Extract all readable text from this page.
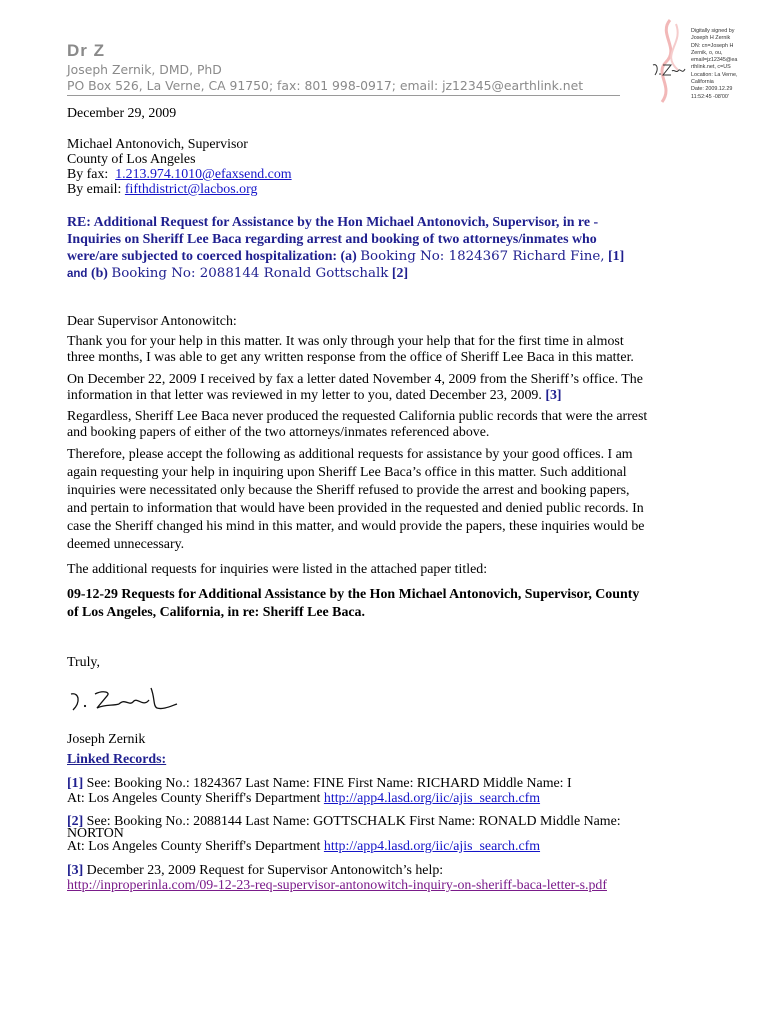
Dr Z
Joseph Zernik, DMD, PhD
PO Box 526, La Verne, CA 91750; fax: 801 998-0917; email: jz12345@earthlink.net
Digitally signed by
Joseph H Zernik
DN: cn=Joseph H
Zernik, o, ou,
email=jz12345@ea
rthlink.net, c=US
Location: La Verne,
California
Date: 2009.12.29
11:52:45 -08'00'
December 29, 2009
Michael Antonovich, Supervisor
County of Los Angeles
By fax: 1.213.974.1010@efaxsend.com
By email: fifthdistrict@lacbos.org
RE: Additional Request for Assistance by the Hon Michael Antonovich, Supervisor, in re -
Inquiries on Sheriff Lee Baca regarding arrest and booking of two attorneys/inmates who
were/are subjected to coerced hospitalization: (a) Booking No: 1824367 Richard Fine, [1]
and (b) Booking No: 2088144 Ronald Gottschalk [2]
Dear Supervisor Antonowitch:
Thank you for your help in this matter. It was only through your help that for the first time in almost
three months, I was able to get any written response from the office of Sheriff Lee Baca in this matter.
On December 22, 2009 I received by fax a letter dated November 4, 2009 from the Sheriff’s office. The
information in that letter was reviewed in my letter to you, dated December 23, 2009. [3]
Regardless, Sheriff Lee Baca never produced the requested California public records that were the arrest
and booking papers of either of the two attorneys/inmates referenced above.
Therefore, please accept the following as additional requests for assistance by your good offices. I am
again requesting your help in inquiring upon Sheriff Lee Baca’s office in this matter. Such additional
inquiries were necessitated only because the Sheriff refused to provide the arrest and booking papers,
and pertain to information that would have been provided in the requested and denied public records. In
case the Sheriff changed his mind in this matter, and would provide the papers, these inquiries would be
deemed unnecessary.
The additional requests for inquiries were listed in the attached paper titled:
09-12-29 Requests for Additional Assistance by the Hon Michael Antonovich, Supervisor, County
of Los Angeles, California, in re: Sheriff Lee Baca.
Truly,
Joseph Zernik
Linked Records:
[1] See: Booking No.: 1824367 Last Name: FINE First Name: RICHARD Middle Name: I
At: Los Angeles County Sheriff's Department http://app4.lasd.org/iic/ajis_search.cfm
[2] See: Booking No.: 2088144 Last Name: GOTTSCHALK First Name: RONALD Middle Name:
NORTON
At: Los Angeles County Sheriff's Department http://app4.lasd.org/iic/ajis_search.cfm
[3] December 23, 2009 Request for Supervisor Antonowitch’s help:
http://inproperinla.com/09-12-23-req-supervisor-antonowitch-inquiry-on-sheriff-baca-letter-s.pdf
